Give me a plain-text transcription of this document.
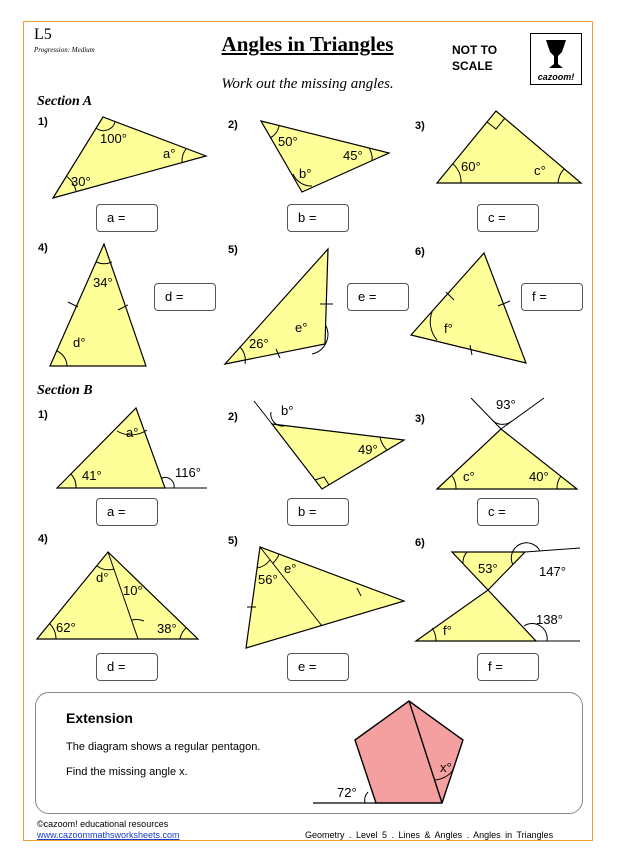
L5
Progression: Medium	Angles in Triangles	NOT TO
SCALE
cazoom!
Work out the missing angles.
Section A
1)	2)	3)
4)	5)	6)
100°
a°
30°
50°
45°
b°	60°	c°
34°
d°
e°
26°
f°
a°
41°	116°
b°
49°
93°
c°	40°
d°
10°
62°	38°
56°
e°	53°	147°
138°
f°
72°
x°
a =	b =	c =
d =	e =	f =
Section B
1)	2)	3)
4)	5)	6)
a =	b =	c =
d =	e =	f =
Extension
The diagram shows a regular pentagon.
Find the missing angle x.
©cazoom! educational resources
www.cazoommathsworksheets.com	Geometry . Level 5 . Lines & Angles . Angles in Triangles
